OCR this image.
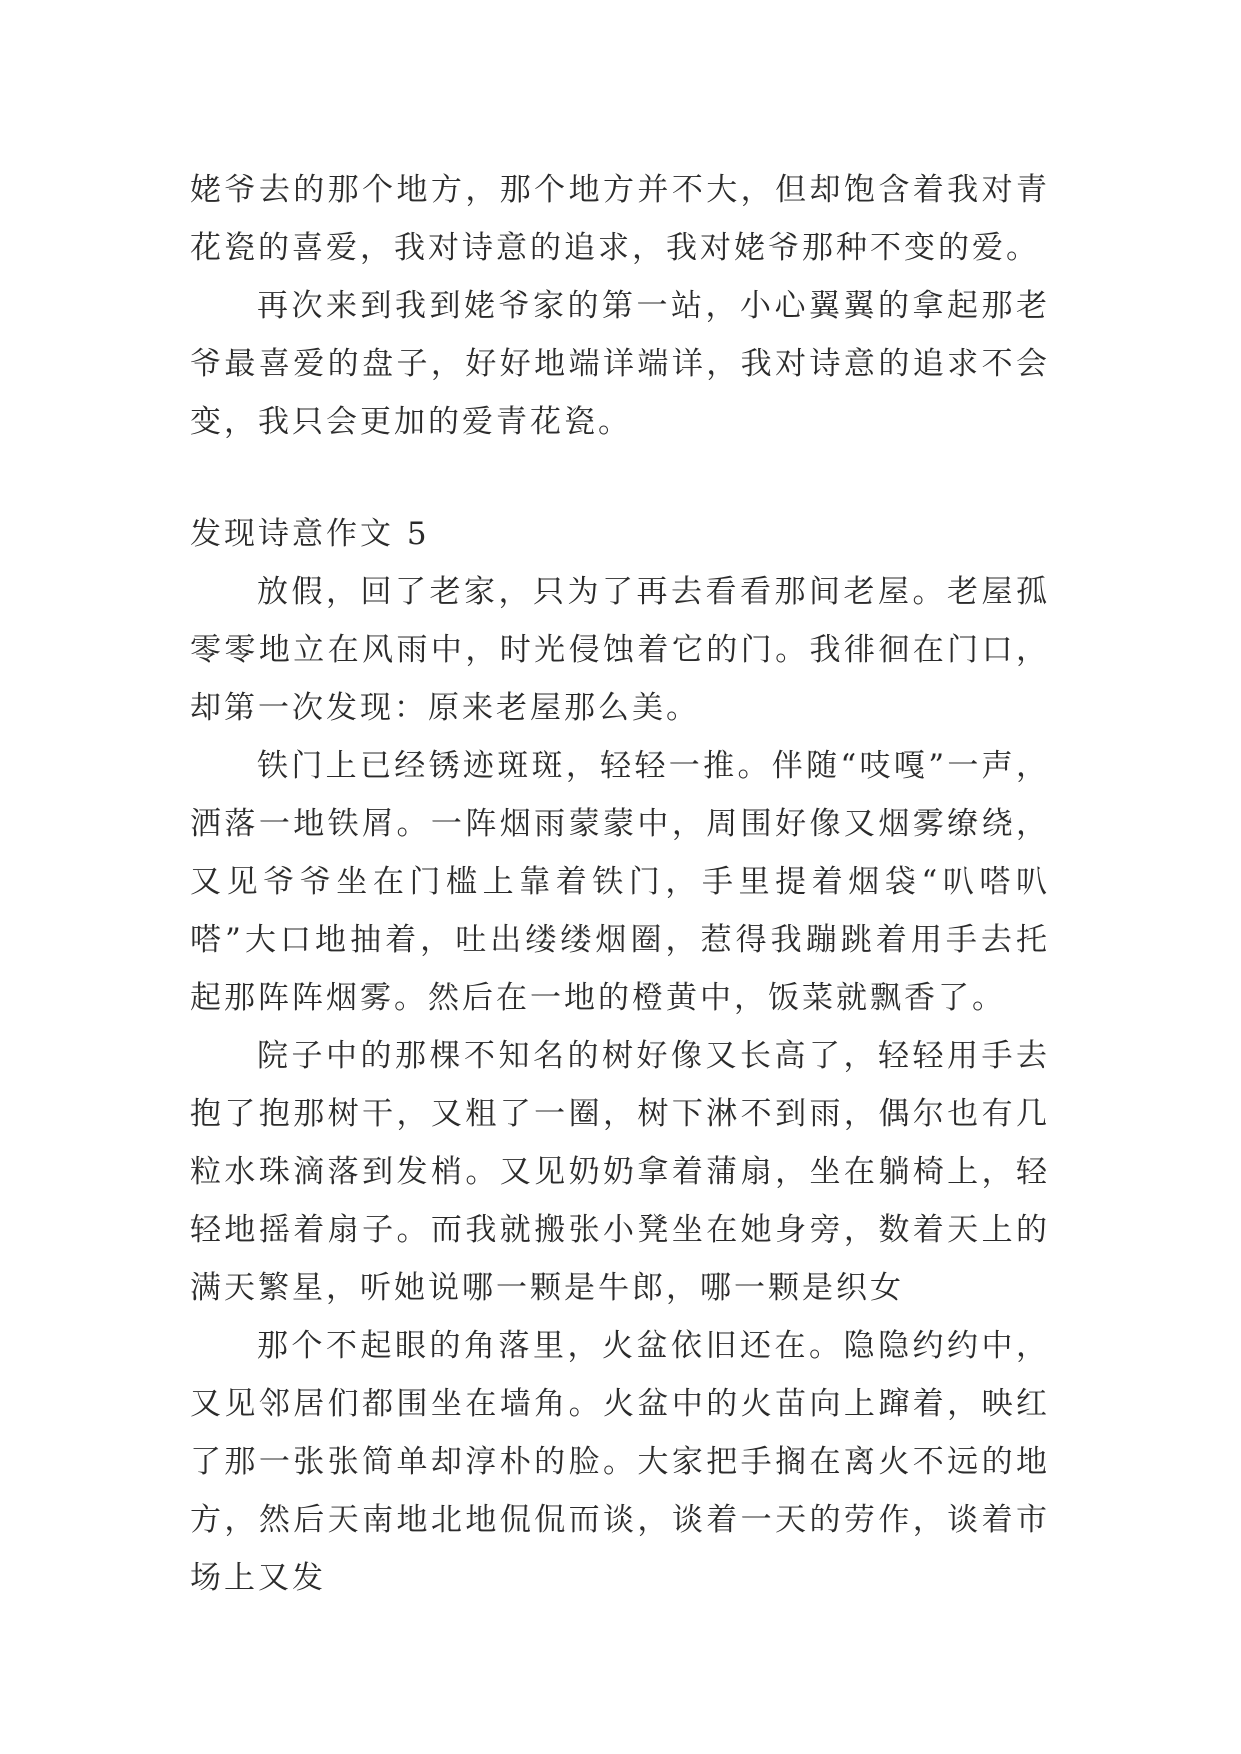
姥爷去的那个地方，那个地方并不大，但却饱含着我对青花瓷的喜爱，我对诗意的追求，我对姥爷那种不变的爱。

再次来到我到姥爷家的第一站，小心翼翼的拿起那老爷最喜爱的盘子，好好地端详端详，我对诗意的追求不会变，我只会更加的爱青花瓷。

发现诗意作文 5

放假，回了老家，只为了再去看看那间老屋。老屋孤零零地立在风雨中，时光侵蚀着它的门。我徘徊在门口，却第一次发现：原来老屋那么美。

铁门上已经锈迹斑斑，轻轻一推。伴随“吱嘎”一声，洒落一地铁屑。一阵烟雨蒙蒙中，周围好像又烟雾缭绕，又见爷爷坐在门槛上靠着铁门，手里提着烟袋“叭嗒叭嗒”大口地抽着，吐出缕缕烟圈，惹得我蹦跳着用手去托起那阵阵烟雾。然后在一地的橙黄中，饭菜就飘香了。

院子中的那棵不知名的树好像又长高了，轻轻用手去抱了抱那树干，又粗了一圈，树下淋不到雨，偶尔也有几粒水珠滴落到发梢。又见奶奶拿着蒲扇，坐在躺椅上，轻轻地摇着扇子。而我就搬张小凳坐在她身旁，数着天上的满天繁星，听她说哪一颗是牛郎，哪一颗是织女

那个不起眼的角落里，火盆依旧还在。隐隐约约中，又见邻居们都围坐在墙角。火盆中的火苗向上蹿着，映红了那一张张简单却淳朴的脸。大家把手搁在离火不远的地方，然后天南地北地侃侃而谈，谈着一天的劳作，谈着市场上又发
